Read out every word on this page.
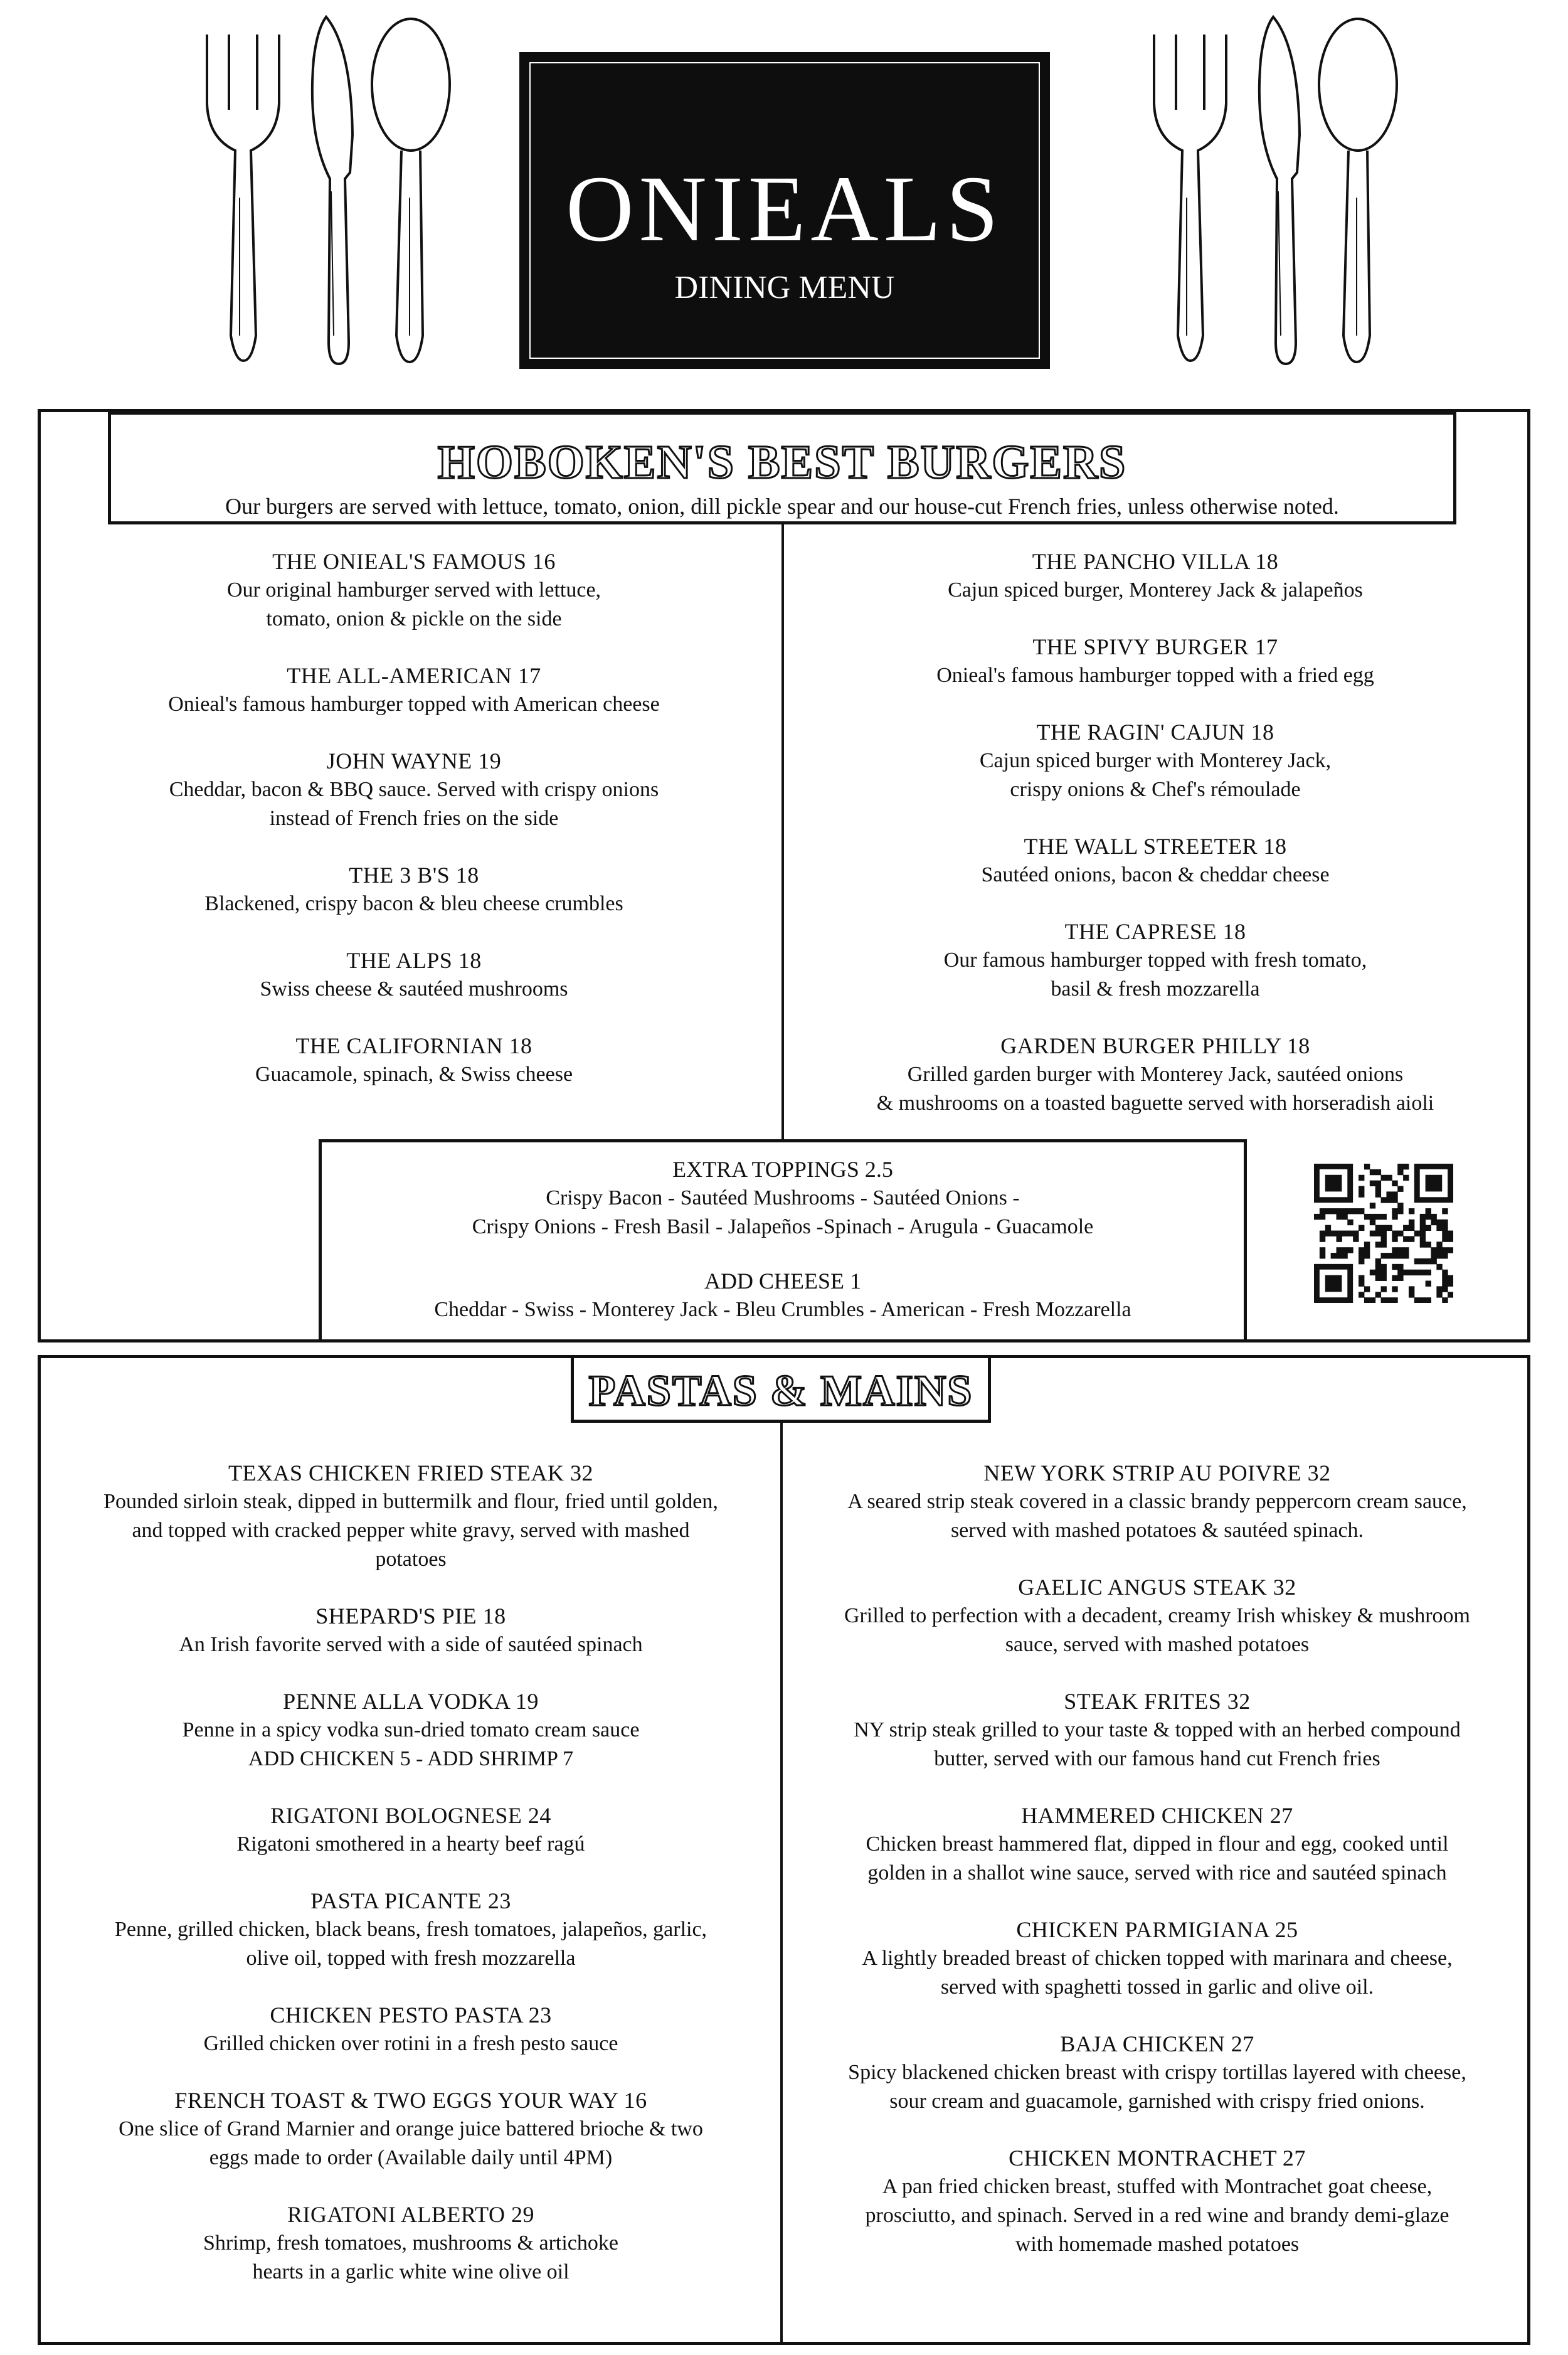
ONIEALS
DINING MENU
HOBOKEN'S BEST BURGERS
Our burgers are served with lettuce, tomato, onion, dill pickle spear and our house-cut French fries, unless otherwise noted.
THE ONIEAL'S FAMOUS 16
Our original hamburger served with lettuce,
tomato, onion & pickle on the side
THE ALL-AMERICAN 17
Onieal's famous hamburger topped with American cheese
JOHN WAYNE 19
Cheddar, bacon & BBQ sauce. Served with crispy onions
instead of French fries on the side
THE 3 B'S 18
Blackened, crispy bacon & bleu cheese crumbles
THE ALPS 18
Swiss cheese & sautéed mushrooms
THE CALIFORNIAN 18
Guacamole, spinach, & Swiss cheese
THE PANCHO VILLA 18
Cajun spiced burger, Monterey Jack & jalapeños
THE SPIVY BURGER 17
Onieal's famous hamburger topped with a fried egg
THE RAGIN' CAJUN 18
Cajun spiced burger with Monterey Jack,
crispy onions & Chef's rémoulade
THE WALL STREETER 18
Sautéed onions, bacon & cheddar cheese
THE CAPRESE 18
Our famous hamburger topped with fresh tomato,
basil & fresh mozzarella
GARDEN BURGER PHILLY 18
Grilled garden burger with Monterey Jack, sautéed onions
& mushrooms on a toasted baguette served with horseradish aioli
EXTRA TOPPINGS 2.5
Crispy Bacon - Sautéed Mushrooms - Sautéed Onions -
Crispy Onions - Fresh Basil - Jalapeños -Spinach - Arugula - Guacamole
ADD CHEESE 1
Cheddar - Swiss - Monterey Jack - Bleu Crumbles - American - Fresh Mozzarella
PASTAS & MAINS
TEXAS CHICKEN FRIED STEAK 32
Pounded sirloin steak, dipped in buttermilk and flour, fried until golden,
and topped with cracked pepper white gravy, served with mashed
potatoes
SHEPARD'S PIE 18
An Irish favorite served with a side of sautéed spinach
PENNE ALLA VODKA 19
Penne in a spicy vodka sun-dried tomato cream sauce
ADD CHICKEN 5 - ADD SHRIMP 7
RIGATONI BOLOGNESE 24
Rigatoni smothered in a hearty beef ragú
PASTA PICANTE 23
Penne, grilled chicken, black beans, fresh tomatoes, jalapeños, garlic,
olive oil, topped with fresh mozzarella
CHICKEN PESTO PASTA 23
Grilled chicken over rotini in a fresh pesto sauce
FRENCH TOAST & TWO EGGS YOUR WAY 16
One slice of Grand Marnier and orange juice battered brioche & two
eggs made to order (Available daily until 4PM)
RIGATONI ALBERTO 29
Shrimp, fresh tomatoes, mushrooms & artichoke
hearts in a garlic white wine olive oil
NEW YORK STRIP AU POIVRE 32
A seared strip steak covered in a classic brandy peppercorn cream sauce,
served with mashed potatoes & sautéed spinach.
GAELIC ANGUS STEAK 32
Grilled to perfection with a decadent, creamy Irish whiskey & mushroom
sauce, served with mashed potatoes
STEAK FRITES 32
NY strip steak grilled to your taste & topped with an herbed compound
butter, served with our famous hand cut French fries
HAMMERED CHICKEN 27
Chicken breast hammered flat, dipped in flour and egg, cooked until
golden in a shallot wine sauce, served with rice and sautéed spinach
CHICKEN PARMIGIANA 25
A lightly breaded breast of chicken topped with marinara and cheese,
served with spaghetti tossed in garlic and olive oil.
BAJA CHICKEN 27
Spicy blackened chicken breast with crispy tortillas layered with cheese,
sour cream and guacamole, garnished with crispy fried onions.
CHICKEN MONTRACHET 27
A pan fried chicken breast, stuffed with Montrachet goat cheese,
prosciutto, and spinach. Served in a red wine and brandy demi-glaze
with homemade mashed potatoes
